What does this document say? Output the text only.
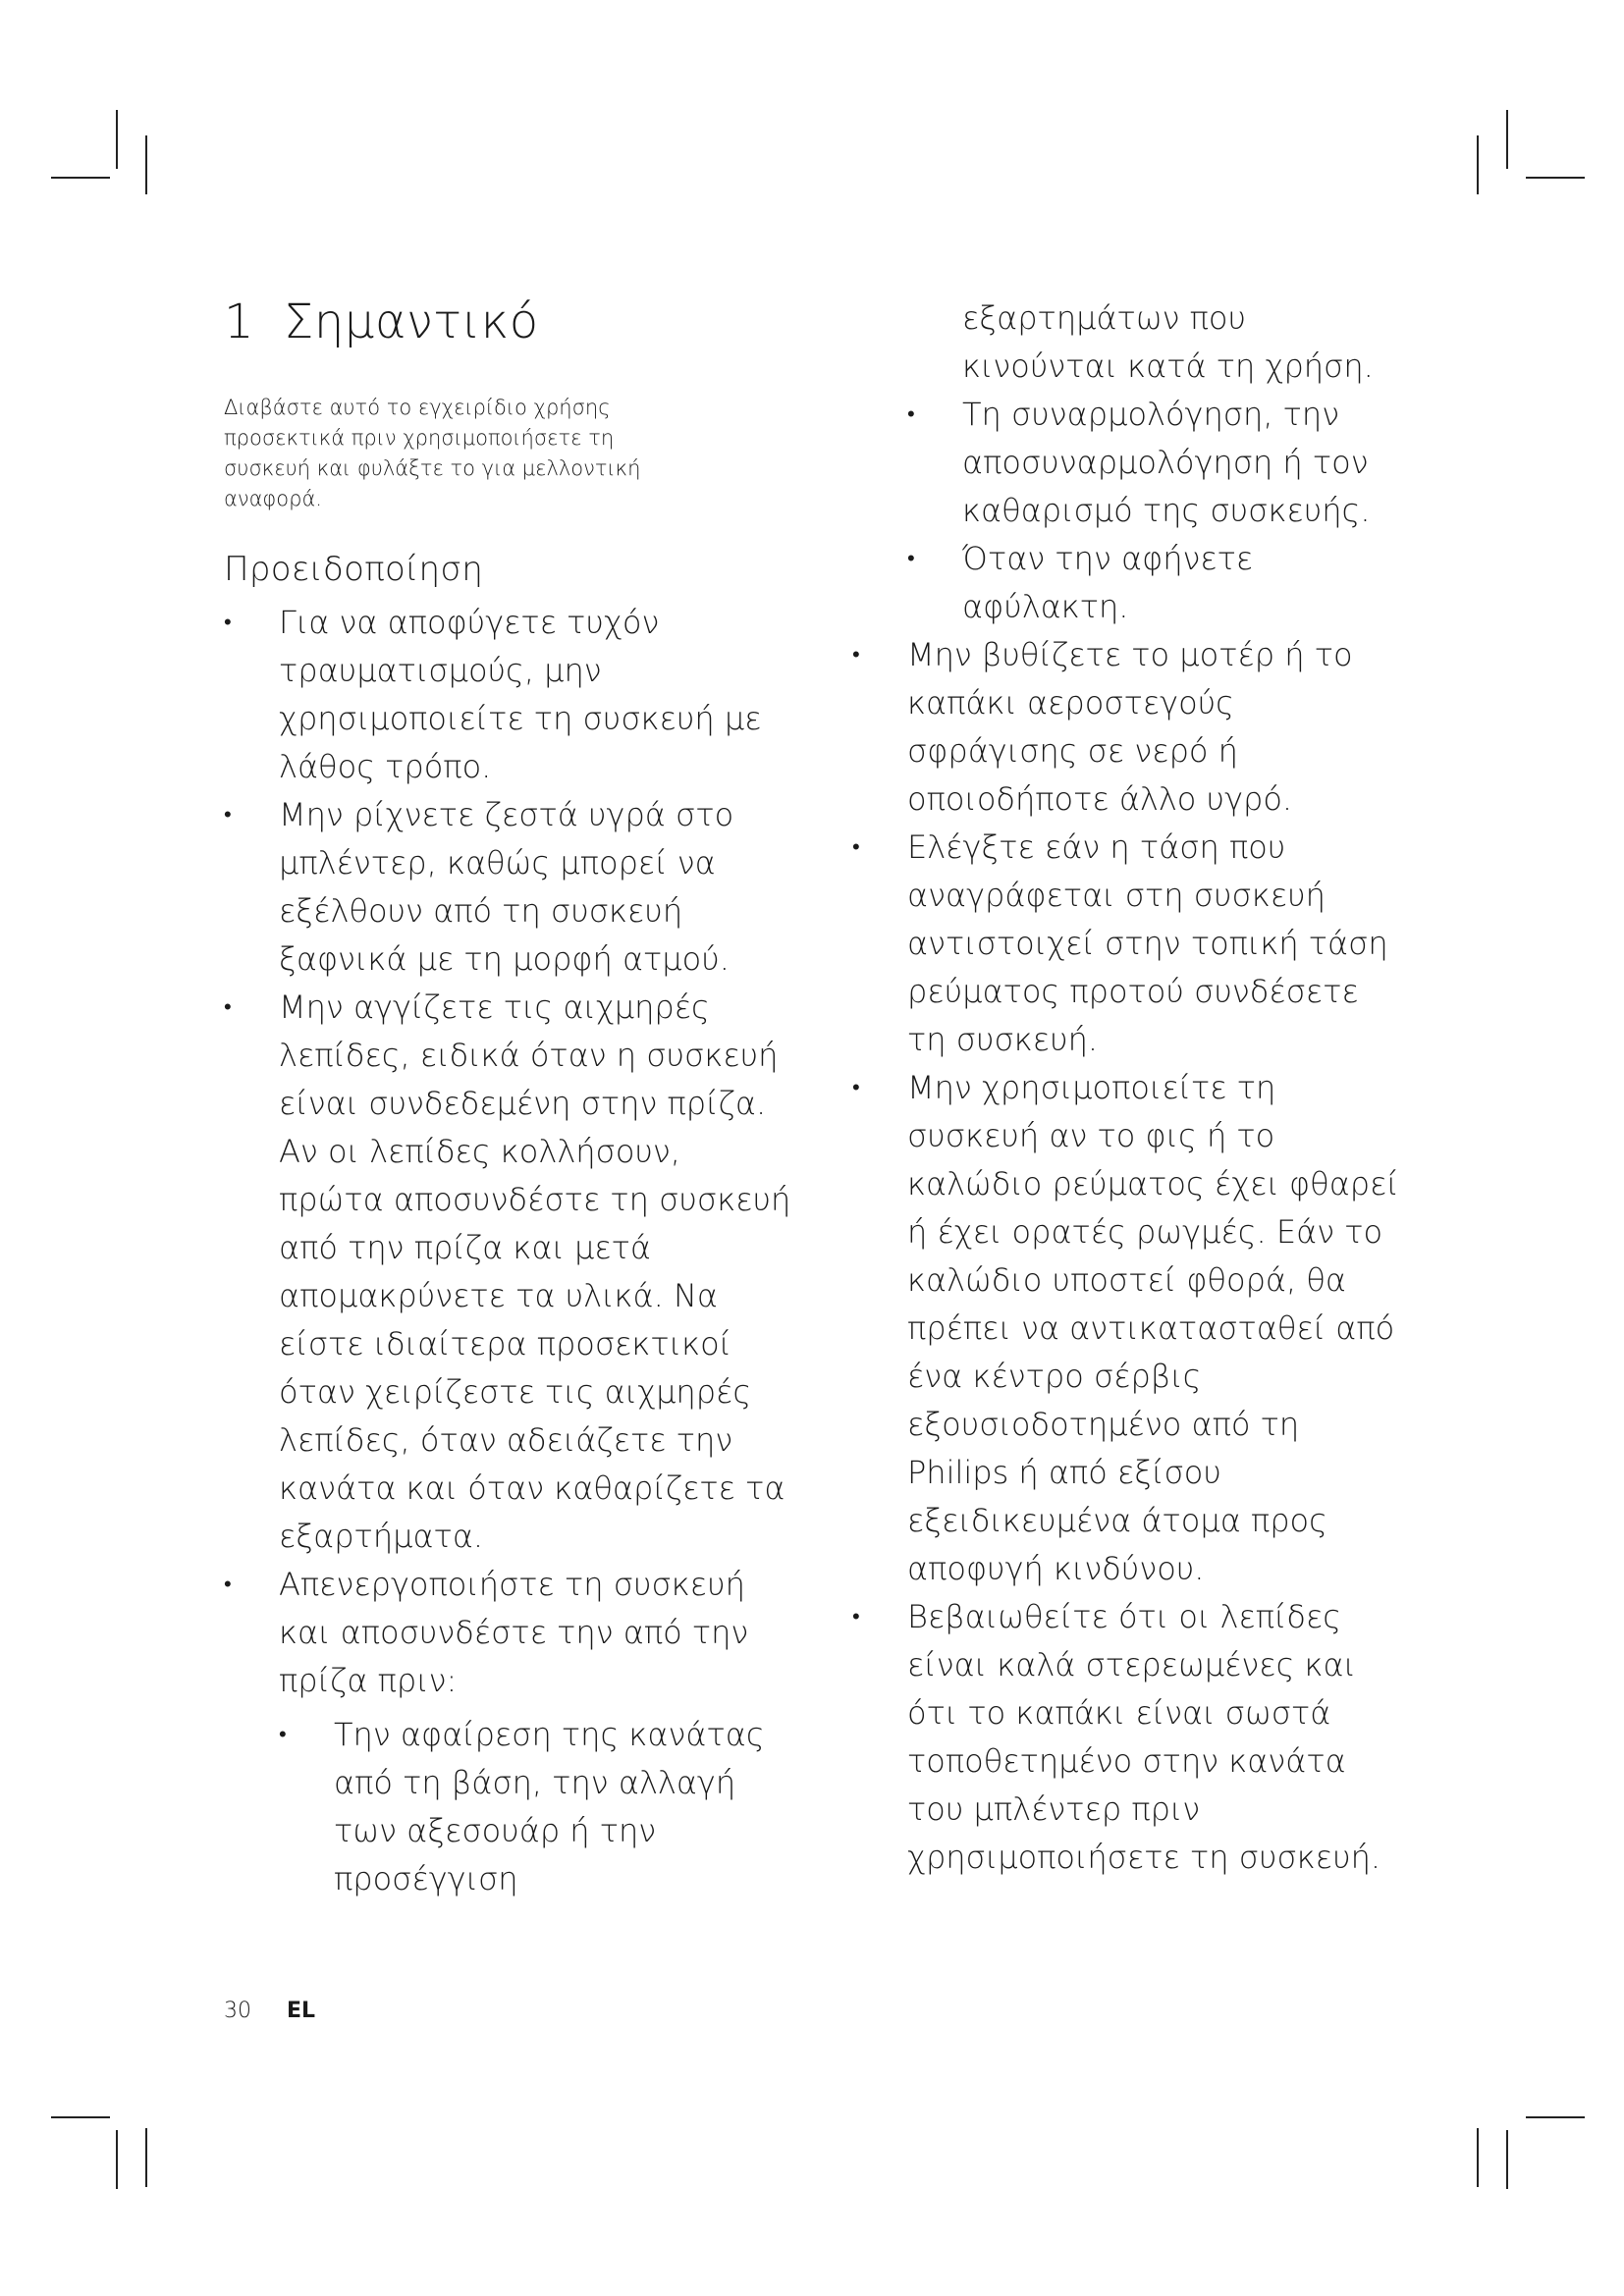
1 Σημαντικό

Διαβάστε αυτό το εγχειρίδιο χρήσης προσεκτικά πριν χρησιμοποιήσετε τη συσκευή και φυλάξτε το για μελλοντική αναφορά.

Προειδοποίηση
• Για να αποφύγετε τυχόν τραυματισμούς, μην χρησιμοποιείτε τη συσκευή με λάθος τρόπο.
• Μην ρίχνετε ζεστά υγρά στο μπλέντερ, καθώς μπορεί να εξέλθουν από τη συσκευή ξαφνικά με τη μορφή ατμού.
• Μην αγγίζετε τις αιχμηρές λεπίδες, ειδικά όταν η συσκευή είναι συνδεδεμένη στην πρίζα. Αν οι λεπίδες κολλήσουν, πρώτα αποσυνδέστε τη συσκευή από την πρίζα και μετά απομακρύνετε τα υλικά. Να είστε ιδιαίτερα προσεκτικοί όταν χειρίζεστε τις αιχμηρές λεπίδες, όταν αδειάζετε την κανάτα και όταν καθαρίζετε τα εξαρτήματα.
• Απενεργοποιήστε τη συσκευή και αποσυνδέστε την από την πρίζα πριν:
• Την αφαίρεση της κανάτας από τη βάση, την αλλαγή των αξεσουάρ ή την προσέγγιση
εξαρτημάτων που κινούνται κατά τη χρήση.
• Τη συναρμολόγηση, την αποσυναρμολόγηση ή τον καθαρισμό της συσκευής.
• Όταν την αφήνετε αφύλακτη.
• Μην βυθίζετε το μοτέρ ή το καπάκι αεροστεγούς σφράγισης σε νερό ή οποιοδήποτε άλλο υγρό.
• Ελέγξτε εάν η τάση που αναγράφεται στη συσκευή αντιστοιχεί στην τοπική τάση ρεύματος προτού συνδέσετε τη συσκευή.
• Μην χρησιμοποιείτε τη συσκευή αν το φις ή το καλώδιο ρεύματος έχει φθαρεί ή έχει ορατές ρωγμές. Εάν το καλώδιο υποστεί φθορά, θα πρέπει να αντικατασταθεί από ένα κέντρο σέρβις εξουσιοδοτημένο από τη Philips ή από εξίσου εξειδικευμένα άτομα προς αποφυγή κινδύνου.
• Βεβαιωθείτε ότι οι λεπίδες είναι καλά στερεωμένες και ότι το καπάκι είναι σωστά τοποθετημένο στην κανάτα του μπλέντερ πριν χρησιμοποιήσετε τη συσκευή.
30 EL
